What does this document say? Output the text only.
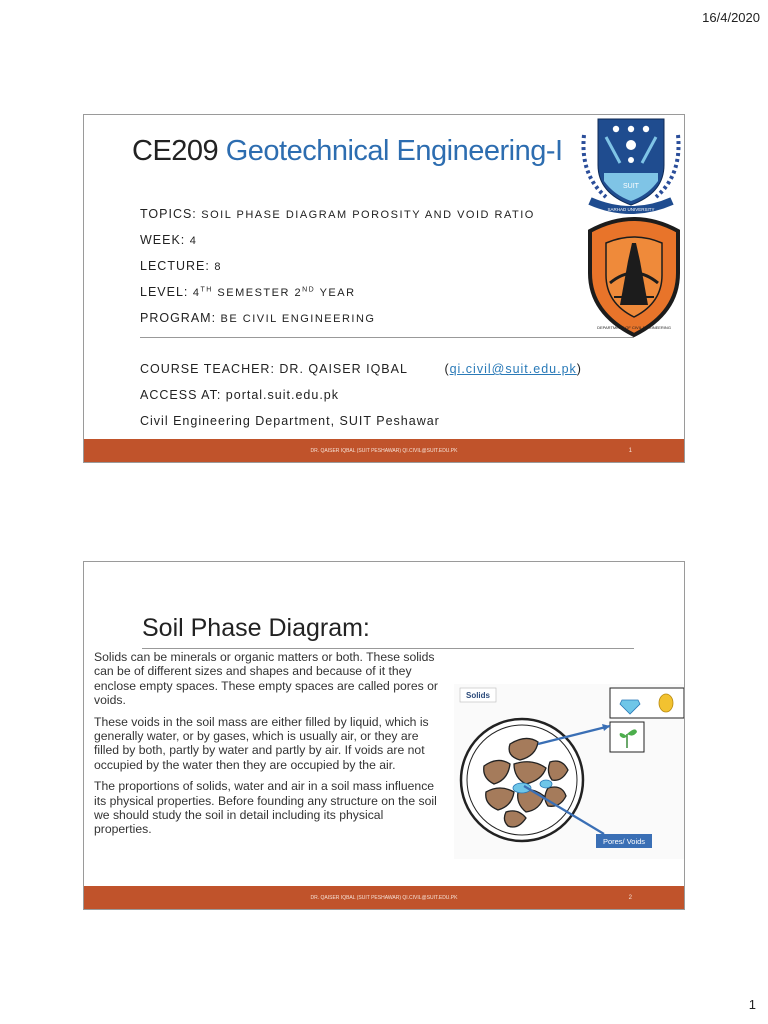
16/4/2020
CE209 Geotechnical Engineering-I
SUIT
SARHAD UNIVERSITY
DEPARTMENT OF CIVIL ENGINEERING
TOPICS: SOIL PHASE DIAGRAM POROSITY AND VOID RATIO
WEEK: 4
LECTURE: 8
LEVEL: 4TH SEMESTER 2ND YEAR
PROGRAM: BE CIVIL ENGINEERING
COURSE TEACHER: DR. QAISER IQBAL	(qi.civil@suit.edu.pk)
ACCESS AT: portal.suit.edu.pk
Civil Engineering Department, SUIT Peshawar
DR. QAISER IQBAL (SUIT PESHAWAR) QI.CIVIL@SUIT.EDU.PK	1
Soil Phase Diagram:

Solids can be minerals or organic matters or both. These solids can be of different sizes and shapes and because of it they enclose empty spaces. These empty spaces are called pores or voids.

These voids in the soil mass are either filled by liquid, which is generally water, or by gases, which is usually air, or they are filled by both, partly by water and partly by air. If voids are not occupied by the water then they are occupied by the air.

The proportions of solids, water and air in a soil mass influence its physical properties. Before founding any structure on the soil we should study the soil in detail including its physical properties.

Solids
Pores/ Voids
DR. QAISER IQBAL (SUIT PESHAWAR) QI.CIVIL@SUIT.EDU.PK	2
1
